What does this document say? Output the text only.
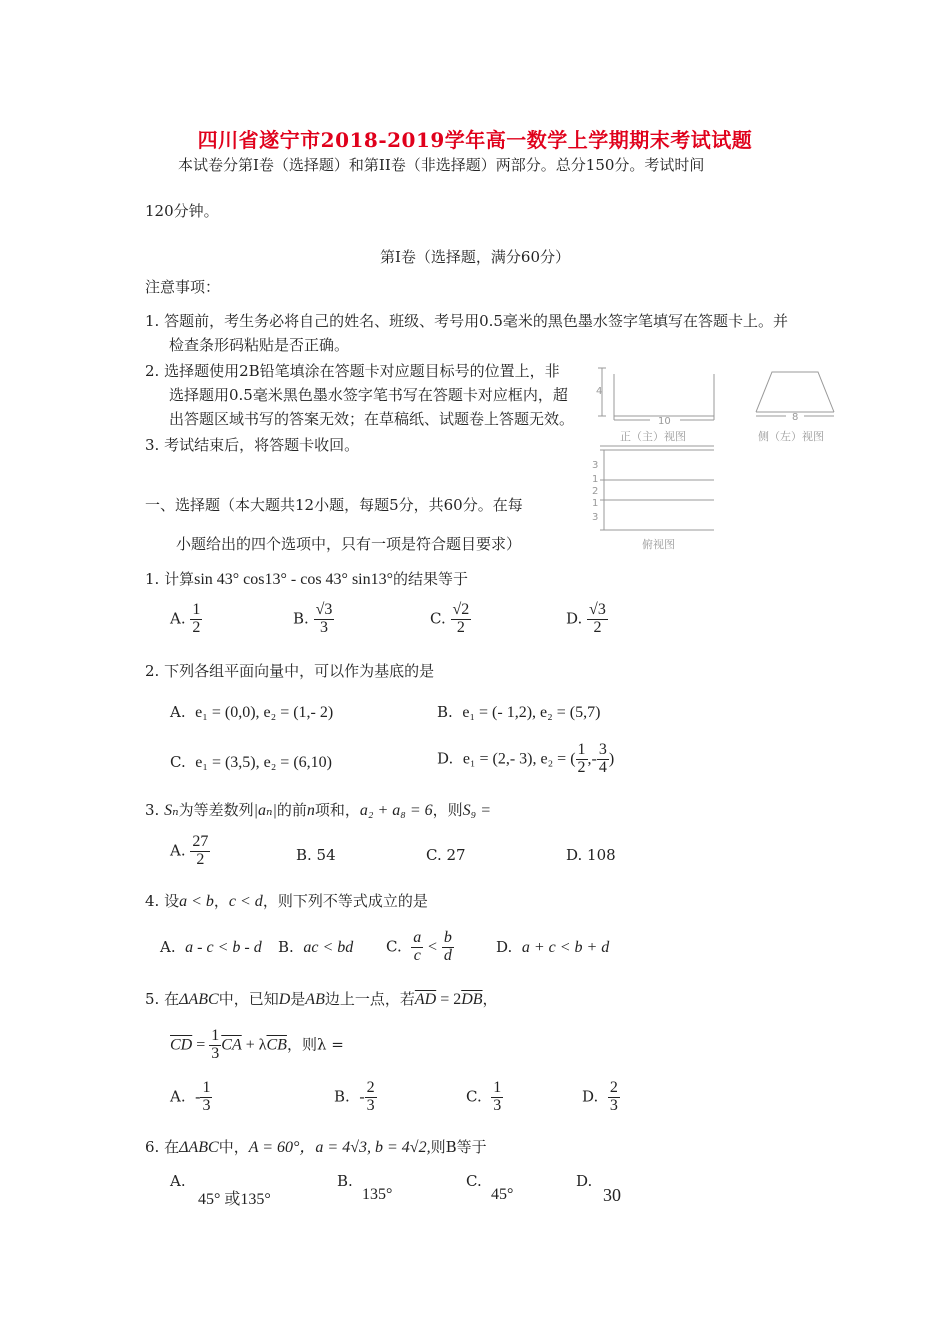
四川省遂宁市2018-2019学年高一数学上学期期末考试试题
本试卷分第Ⅰ卷（选择题）和第II卷（非选择题）两部分。总分150分。考试时间
120分钟。
第Ⅰ卷（选择题，满分60分）
注意事项：
1. 答题前，考生务必将自己的姓名、班级、考号用0.5毫米的黑色墨水签字笔填写在答题卡上。并
检查条形码粘贴是否正确。
2. 选择题使用2B铅笔填涂在答题卡对应题目标号的位置上，非
选择题用0.5毫米黑色墨水签字笔书写在答题卡对应框内，超
出答题区域书写的答案无效；在草稿纸、试题卷上答题无效。
3. 考试结束后，将答题卡收回。
一、选择题（本大题共12小题，每题5分，共60分。在每
小题给出的四个选项中，只有一项是符合题目要求）
4
10	8
正（主）视图	侧（左）视图
3
1
2
1
3
俯视图
1. 计算sin 43° cos13° - cos 43° sin13°的结果等于
A. $\frac{1}{2}$	B. $\frac{√3}{3}$	C. $\frac{√2}{2}$	D. $\frac{√3}{2}$
2. 下列各组平面向量中，可以作为基底的是
A. e₁ = (0,0), e₂ = (1,- 2)	B. e₁ = (- 1,2), e₂ = (5,7)
C. e₁ = (3,5), e₂ = (6,10)	D. e₁ = (2,- 3), e₂ = ( $\frac{1}{2}$ ,- $\frac{3}{4}$ )
3. Sₙ为等差数列|aₙ|的前n项和，a₂ + a₈ = 6，则S₉ =
A. $\frac{27}{2}$	B. 54	C. 27	D. 108
4. 设a < b，c < d，则下列不等式成立的是
A. a - c < b - d B. ac < bd C. $\frac{a}{c} < \frac{b}{d}$	D. a + c < b + d
5. 在ΔABC中，已知D是AB边上一点，若$\overline{AD} = 2\overline{DB}$，
$\overline{CD} = \frac{1}{3} \overline{CA} + \lambda\overline{CB}$，则λ =
A. - $\frac{1}{3}$	B. - $\frac{2}{3}$	C. $\frac{1}{3}$	D. $\frac{2}{3}$
6. 在ΔABC中，A = 60°，a = 4√3, b = 4√2,则B等于
A.
45° 或135°
B.
135°
C.
45°
D.
30
